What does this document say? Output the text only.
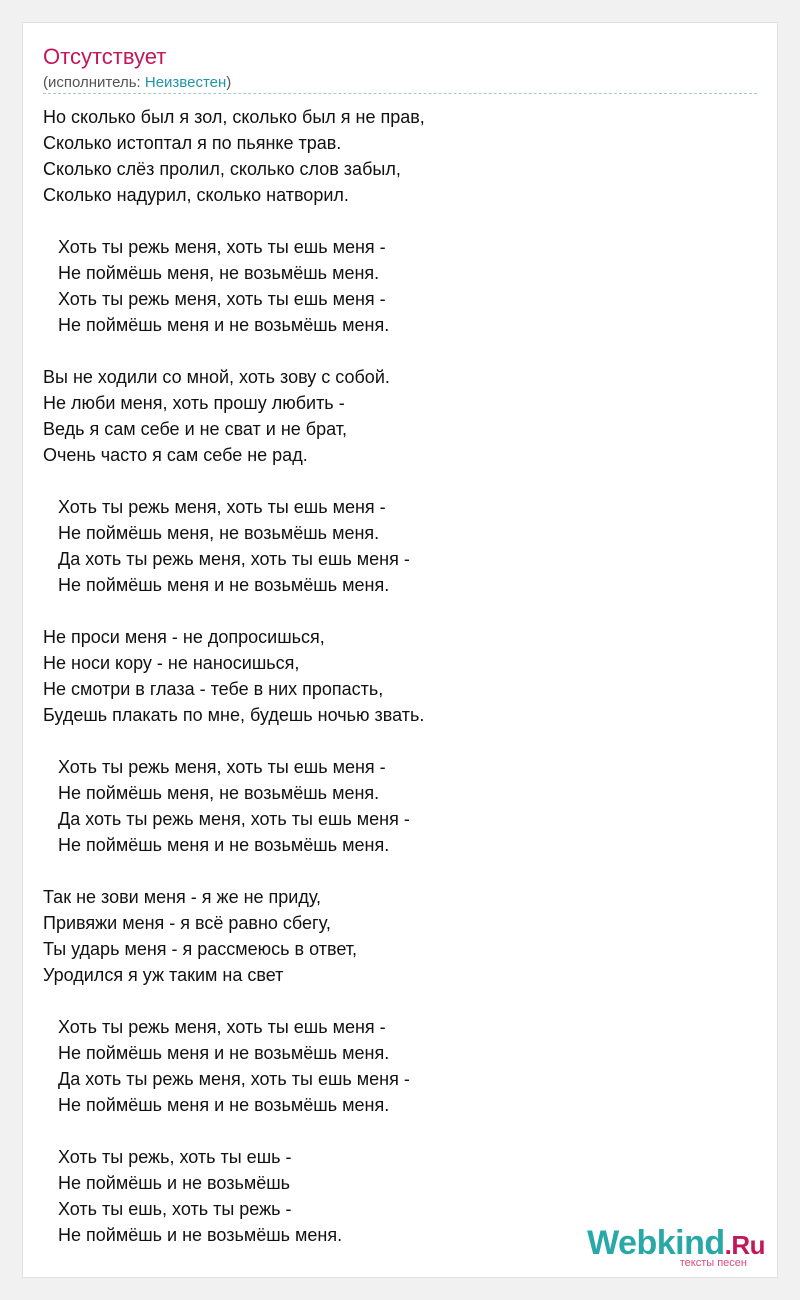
Отсутствует
(исполнитель: Неизвестен)
Но сколько был я зол, сколько был я не прав,
Сколько истоптал я по пьянке трав.
Сколько слёз пролил, сколько слов забыл,
Сколько надурил, сколько натворил.
Хоть ты режь меня, хоть ты ешь меня -
Не поймёшь меня, не возьмёшь меня.
Хоть ты режь меня, хоть ты ешь меня -
Не поймёшь меня и не возьмёшь меня.
Вы не ходили со мной, хоть зову с собой.
Не люби меня, хоть прошу любить -
Ведь я сам себе и не сват и не брат,
Очень часто я сам себе не рад.
Хоть ты режь меня, хоть ты ешь меня -
Не поймёшь меня, не возьмёшь меня.
Да хоть ты режь меня, хоть ты ешь меня -
Не поймёшь меня и не возьмёшь меня.
Не проси меня - не допросишься,
Не носи кору - не наносишься,
Не смотри в глаза - тебе в них пропасть,
Будешь плакать по мне, будешь ночью звать.
Хоть ты режь меня, хоть ты ешь меня -
Не поймёшь меня, не возьмёшь меня.
Да хоть ты режь меня, хоть ты ешь меня -
Не поймёшь меня и не возьмёшь меня.
Так не зови меня - я же не приду,
Привяжи меня - я всё равно сбегу,
Ты ударь меня - я рассмеюсь в ответ,
Уродился я уж таким на свет
Хоть ты режь меня, хоть ты ешь меня -
Не поймёшь меня и не возьмёшь меня.
Да хоть ты режь меня, хоть ты ешь меня -
Не поймёшь меня и не возьмёшь меня.
Хоть ты режь, хоть ты ешь -
Не поймёшь и не возьмёшь
Хоть ты ешь, хоть ты режь -
Не поймёшь и не возьмёшь меня.	Webkind.Ru
тексты песен
